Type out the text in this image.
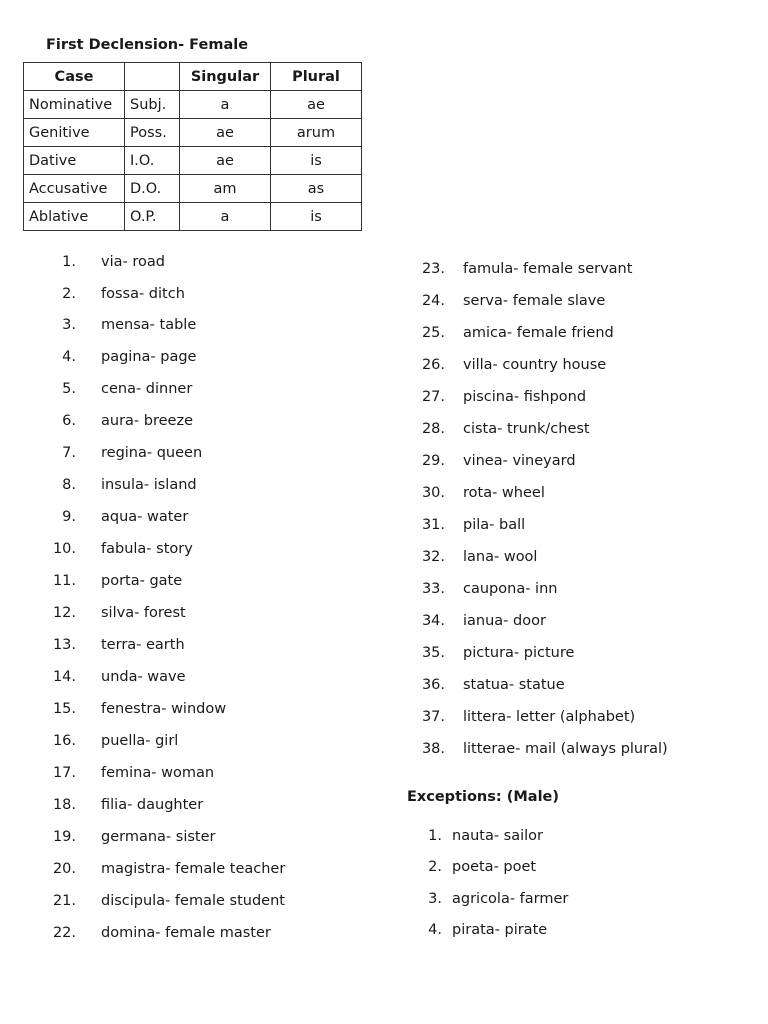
First Declension- Female
Case		Singular	Plural
Nominative	Subj.	a	ae
Genitive	Poss.	ae	arum
Dative	I.O.	ae	is
Accusative	D.O.	am	as
Ablative	O.P.	a	is
1. via- road
2. fossa- ditch
3. mensa- table
4. pagina- page
5. cena- dinner
6. aura- breeze
7. regina- queen
8. insula- island
9. aqua- water
10. fabula- story
11. porta- gate
12. silva- forest
13. terra- earth
14. unda- wave
15. fenestra- window
16. puella- girl
17. femina- woman
18. filia- daughter
19. germana- sister
20. magistra- female teacher
21. discipula- female student
22. domina- female master
23. famula- female servant
24. serva- female slave
25. amica- female friend
26. villa- country house
27. piscina- fishpond
28. cista- trunk/chest
29. vinea- vineyard
30. rota- wheel
31. pila- ball
32. lana- wool
33. caupona- inn
34. ianua- door
35. pictura- picture
36. statua- statue
37. littera- letter (alphabet)
38. litterae- mail (always plural)
Exceptions: (Male)
1. nauta- sailor
2. poeta- poet
3. agricola- farmer
4. pirata- pirate
